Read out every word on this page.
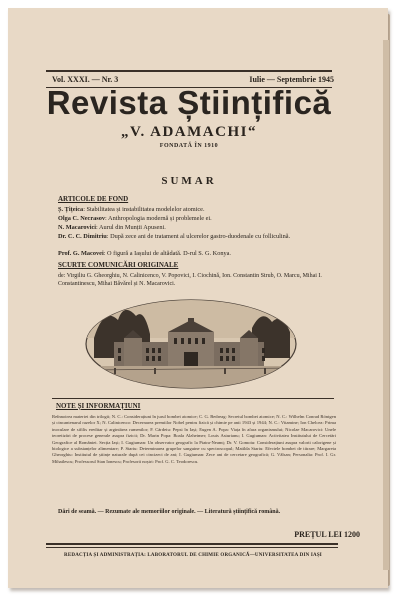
Vol. XXXI. — Nr. 3	Iulie — Septembrie 1945
Revista Științifică
„V. ADAMACHI“
FONDATĂ ÎN 1910
SUMAR
ARTICOLE DE FOND
Ș. Țițeica: Stabilitatea și instabilitatea modelelor atomice.
Olga C. Necrasov: Anthropologia modernă și problemele ei.
N. Macarovici: Aurul din Munții Apuseni.
Dr. C. C. Dimitriu: După zece ani de tratament al ulcerelor gastro-duodenale cu folliculină.
Prof. G. Macovei: O figură a Iașului de altădată. D-rul S. G. Konya.
SCURTE COMUNICĂRI ORIGINALE
de: Virgiliu G. Gheorghiu, N. Calinicenco, V. Popovici, I. Ciochină, Ion. Constantin Strub, O. Marcu, Mihai I. Constantinescu, Mihai Băvărel și N. Macarovici.
NOTE ȘI INFORMAȚIUNI
Reînnoirea materiei din trilogii; N. C.: Considerațiuni în jurul bombei atomice; C. G. Bedreag: Secretul bombei atomice; N. C.: Wilhelm Conrad Röntgen și cincantenarul razelor X; N. Calinicenco: Decernarea premiilor Nobel pentru fizică și chimie pe anii 1943 și 1944; N. C.: Vitamine; Ion Chelcea: Prima inoculare de sifilis ereditar și argintărea rumenilor; F. Cărdeiu: Pepsi în Iași; Eugen A. Popa: Viața în afara organismului; Nicolae Macarovici: Unele teoretizări de procese generale asupra fizicii; Dr. Marin Popa: Boala Alzheimer; Louis Asturianu; I. Gugiuman: Activitatea Institutului de Cercetări Geografice al României. Secția Iași; I. Gugiuman: Un observator geografic la Piatra-Neamț; Dr. V. Gomoiu: Considerațiuni asupra valorii calorigene și biologice a substanțelor alimentare; P. Stariu: Determinarea grupelor sanguine cu spectroscopul; Matilda Stariu: Efectele bombei de titrare; Margareta Gheorghiu: Institutul de științe naturale după cei cincizeci de ani; I. Gugiuman: Zece ani de cercetare geografică; G. Vâlsan; Personalia: Prof. I. Gr. Mihailescu; Professorul Stan Ionescu; Profesorii noștri: Prof. G. C. Teodorescu.
Dări de seamă. — Rezumate ale memoriilor originale. — Literatură științifică română.
PREȚUL LEI 1200
REDACȚIA ȘI ADMINISTRAȚIA: LABORATORUL DE CHIMIE ORGANICĂ—UNIVERSITATEA DIN IAȘI
